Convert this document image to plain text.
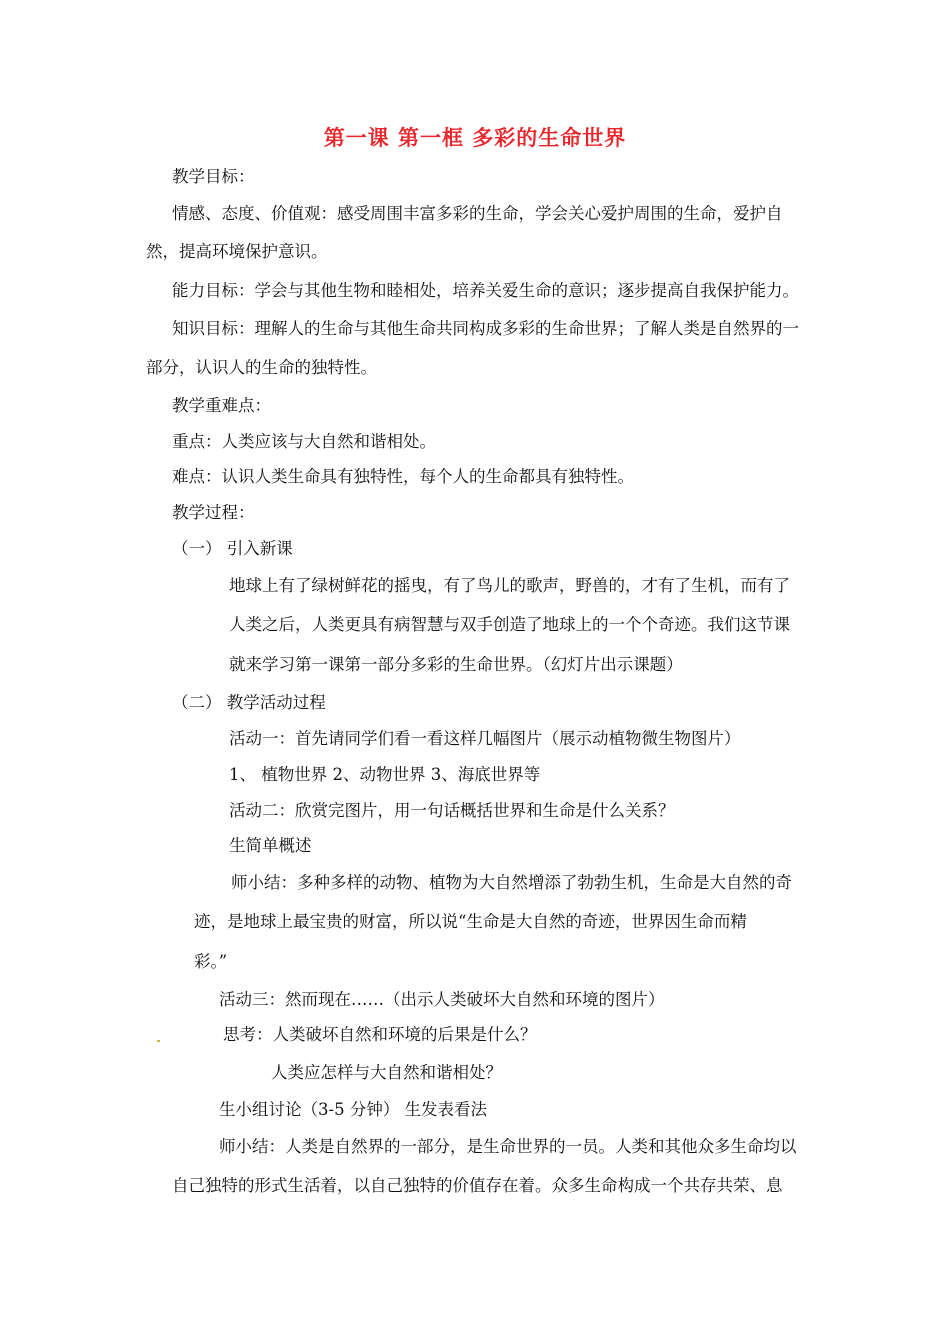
第一课 第一框 多彩的生命世界
教学目标：
情感、态度、价值观：感受周围丰富多彩的生命，学会关心爱护周围的生命，爱护自
然，提高环境保护意识。
能力目标：学会与其他生物和睦相处，培养关爱生命的意识；逐步提高自我保护能力。
知识目标：理解人的生命与其他生命共同构成多彩的生命世界；了解人类是自然界的一
部分，认识人的生命的独特性。
教学重难点：
重点：人类应该与大自然和谐相处。
难点：认识人类生命具有独特性，每个人的生命都具有独特性。
教学过程：
（一） 引入新课
地球上有了绿树鲜花的摇曳，有了鸟儿的歌声，野兽的，才有了生机，而有了
人类之后，人类更具有病智慧与双手创造了地球上的一个个奇迹。我们这节课
就来学习第一课第一部分多彩的生命世界。（幻灯片出示课题）
（二） 教学活动过程
活动一：首先请同学们看一看这样几幅图片（展示动植物微生物图片）
1、 植物世界 2、动物世界 3、海底世界等
活动二：欣赏完图片，用一句话概括世界和生命是什么关系？
生简单概述
师小结：多种多样的动物、植物为大自然增添了勃勃生机，生命是大自然的奇
迹，是地球上最宝贵的财富，所以说“生命是大自然的奇迹，世界因生命而精
彩。”
活动三：然而现在……（出示人类破坏大自然和环境的图片）
思考：人类破坏自然和环境的后果是什么？
人类应怎样与大自然和谐相处？
生小组讨论（3-5 分钟） 生发表看法
师小结：人类是自然界的一部分，是生命世界的一员。人类和其他众多生命均以
自己独特的形式生活着，以自己独特的价值存在着。众多生命构成一个共存共荣、息
